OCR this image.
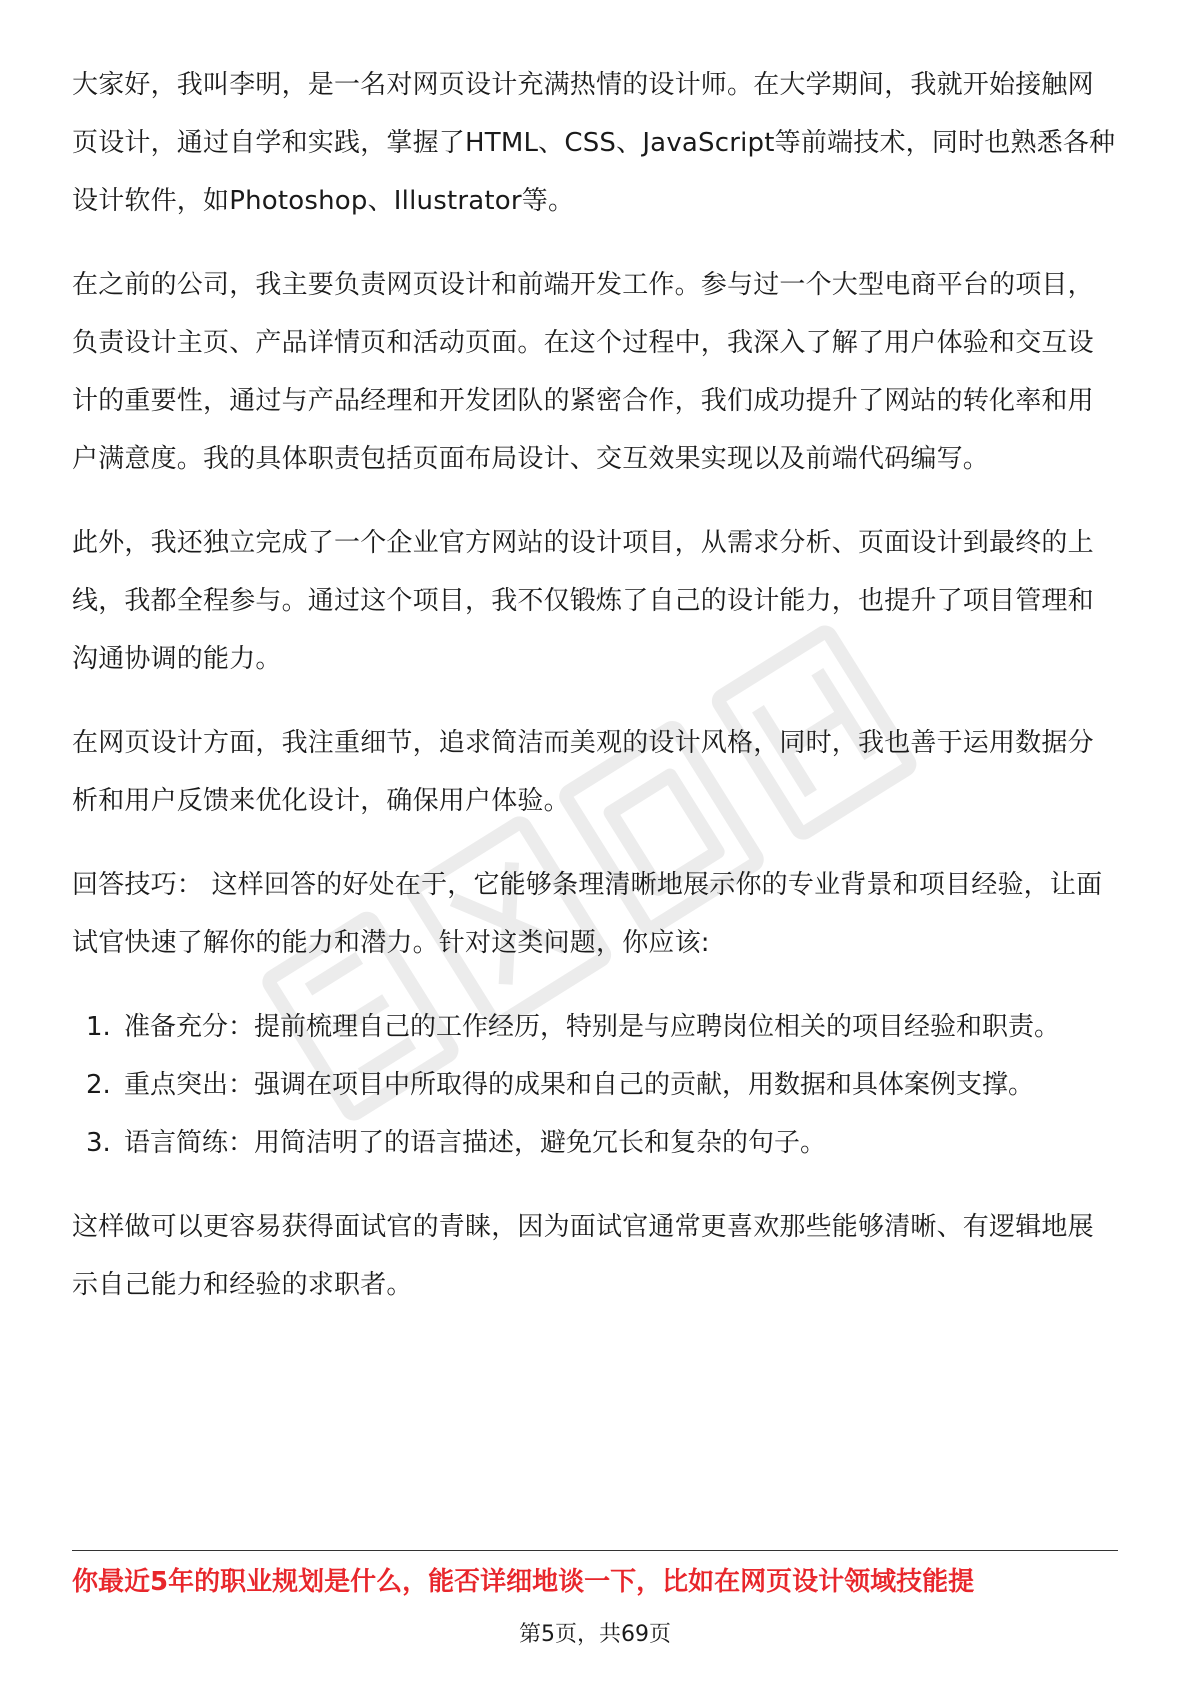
大家好，我叫李明，是一名对网页设计充满热情的设计师。在大学期间，我就开始接触网页设计，通过自学和实践，掌握了HTML、CSS、JavaScript等前端技术，同时也熟悉各种设计软件，如Photoshop、Illustrator等。

在之前的公司，我主要负责网页设计和前端开发工作。参与过一个大型电商平台的项目，负责设计主页、产品详情页和活动页面。在这个过程中，我深入了解了用户体验和交互设计的重要性，通过与产品经理和开发团队的紧密合作，我们成功提升了网站的转化率和用户满意度。我的具体职责包括页面布局设计、交互效果实现以及前端代码编写。

此外，我还独立完成了一个企业官方网站的设计项目，从需求分析、页面设计到最终的上线，我都全程参与。通过这个项目，我不仅锻炼了自己的设计能力，也提升了项目管理和沟通协调的能力。

在网页设计方面，我注重细节，追求简洁而美观的设计风格，同时，我也善于运用数据分析和用户反馈来优化设计，确保用户体验。

回答技巧： 这样回答的好处在于，它能够条理清晰地展示你的专业背景和项目经验，让面试官快速了解你的能力和潜力。针对这类问题，你应该:

1. 准备充分：提前梳理自己的工作经历，特别是与应聘岗位相关的项目经验和职责。
2. 重点突出：强调在项目中所取得的成果和自己的贡献，用数据和具体案例支撑。
3. 语言简练：用简洁明了的语言描述，避免冗长和复杂的句子。

这样做可以更容易获得面试官的青睐，因为面试官通常更喜欢那些能够清晰、有逻辑地展示自己能力和经验的求职者。

你最近5年的职业规划是什么，能否详细地谈一下，比如在网页设计领域技能提
第5页，共69页
